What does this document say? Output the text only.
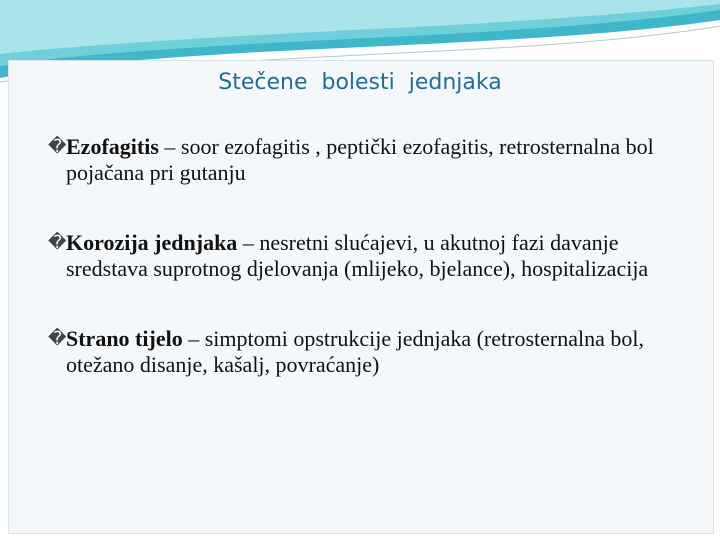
Stečene  bolesti  jednjaka
� Ezofagitis – soor ezofagitis , peptički ezofagitis, retrosternalna bol pojačana pri gutanju
� Korozija jednjaka – nesretni slućajevi, u akutnoj fazi davanje sredstava suprotnog djelovanja (mlijeko, bjelance), hospitalizacija
� Strano tijelo – simptomi opstrukcije jednjaka (retrosternalna bol, otežano disanje, kašalj, povraćanje)
